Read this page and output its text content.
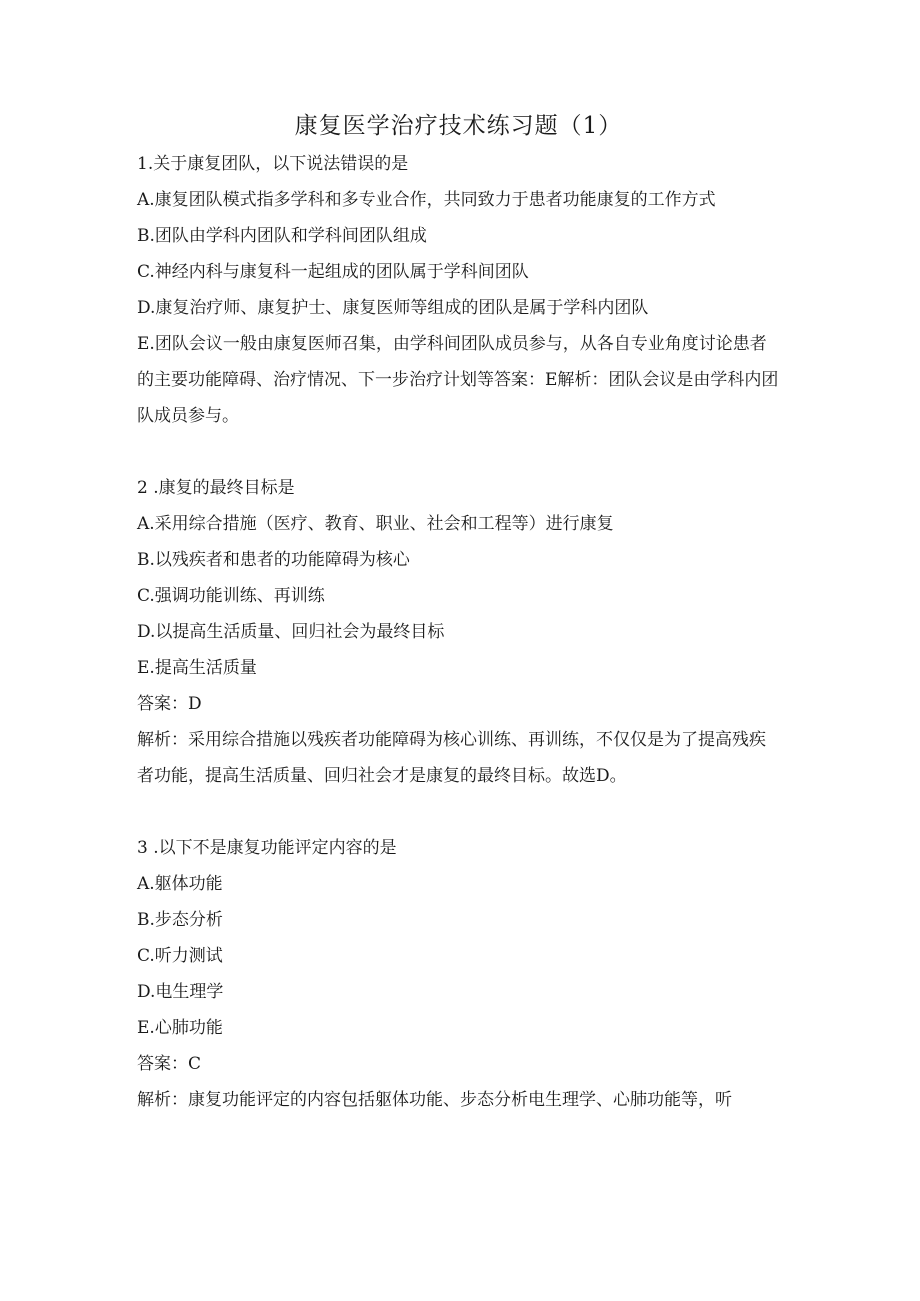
康复医学治疗技术练习题（1）
1.关于康复团队，以下说法错误的是
A.康复团队模式指多学科和多专业合作，共同致力于患者功能康复的工作方式
B.团队由学科内团队和学科间团队组成
C.神经内科与康复科一起组成的团队属于学科间团队
D.康复治疗师、康复护士、康复医师等组成的团队是属于学科内团队
E.团队会议一般由康复医师召集，由学科间团队成员参与，从各自专业角度讨论患者的主要功能障碍、治疗情况、下一步治疗计划等答案：E解析：团队会议是由学科内团队成员参与。
2 .康复的最终目标是
A.采用综合措施（医疗、教育、职业、社会和工程等）进行康复
B.以残疾者和患者的功能障碍为核心
C.强调功能训练、再训练
D.以提高生活质量、回归社会为最终目标
E.提高生活质量
答案：D
解析：采用综合措施以残疾者功能障碍为核心训练、再训练，不仅仅是为了提高残疾者功能，提高生活质量、回归社会才是康复的最终目标。故选D。
3 .以下不是康复功能评定内容的是
A.躯体功能
B.步态分析
C.听力测试
D.电生理学
E.心肺功能
答案：C
解析：康复功能评定的内容包括躯体功能、步态分析电生理学、心肺功能等，听
